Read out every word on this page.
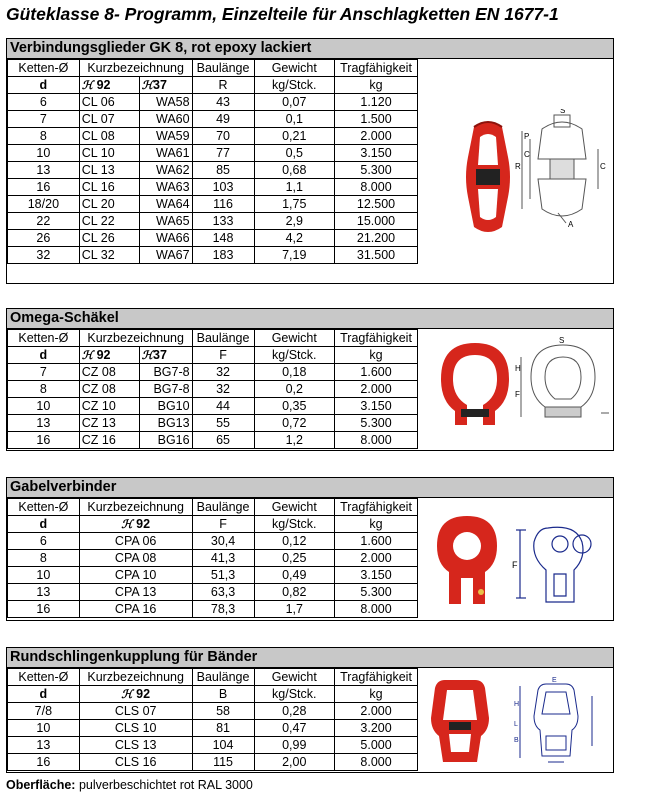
Güteklasse 8- Programm, Einzelteile für Anschlagketten EN 1677-1
Verbindungsglieder GK 8, rot epoxy lackiert
Ketten-Ø	Kurzbezeichnung		Baulänge	Gewicht	Tragfähigkeit
d	ℋ 92	ℋ37	R	kg/Stck.	kg
6	CL 06	WA58	43	0,07	1.120
7	CL 07	WA60	49	0,1	1.500
8	CL 08	WA59	70	0,21	2.000
10	CL 10	WA61	77	0,5	3.150
13	CL 13	WA62	85	0,68	5.300
16	CL 16	WA63	103	1,1	8.000
18/20	CL 20	WA64	116	1,75	12.500
22	CL 22	WA65	133	2,9	15.000
26	CL 26	WA66	148	4,2	21.200
32	CL 32	WA67	183	7,19	31.500
R
C
P
C
S
A
Omega-Schäkel
Ketten-Ø	Kurzbezeichnung		Baulänge	Gewicht	Tragfähigkeit
d	ℋ 92	ℋ37	F	kg/Stck.	kg
7	CZ 08	BG7-8	32	0,18	1.600
8	CZ 08	BG7-8	32	0,2	2.000
10	CZ 10	BG10	44	0,35	3.150
13	CZ 13	BG13	55	0,72	5.300
16	CZ 16	BG16	65	1,2	8.000
H
F
S
Gabelverbinder
Ketten-Ø	Kurzbezeichnung	Baulänge	Gewicht	Tragfähigkeit
d	ℋ 92	F	kg/Stck.	kg
6	CPA 06	30,4	0,12	1.600
8	CPA 08	41,3	0,25	2.000
10	CPA 10	51,3	0,49	3.150
13	CPA 13	63,3	0,82	5.300
16	CPA 16	78,3	1,7	8.000
F
Rundschlingenkupplung für Bänder
Ketten-Ø	Kurzbezeichnung	Baulänge	Gewicht	Tragfähigkeit
d	ℋ 92	B	kg/Stck.	kg
7/8	CLS 07	58	0,28	2.000
10	CLS 10	81	0,47	3.200
13	CLS 13	104	0,99	5.000
16	CLS 16	115	2,00	8.000
H
L
B
E
Oberfläche: pulverbeschichtet rot RAL 3000
